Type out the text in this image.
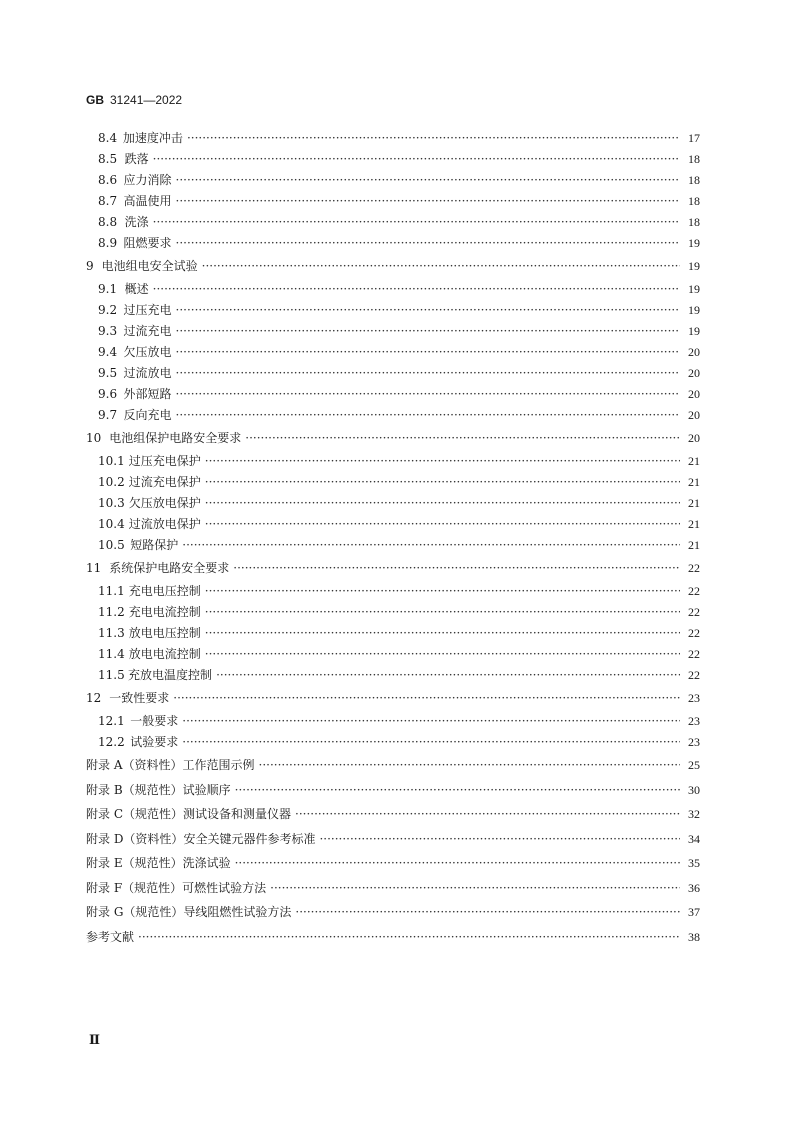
GB 31241—2022
8.4 加速度冲击 ·····	17
8.5 跌落 ·····	18
8.6 应力消除 ·····	18
8.7 高温使用 ·····	18
8.8 洗涤 ·····	18
8.9 阻燃要求 ·····	19
9 电池组电安全试验 ·····	19
9.1 概述 ·····	19
9.2 过压充电 ·····	19
9.3 过流充电 ·····	19
9.4 欠压放电 ·····	20
9.5 过流放电 ·····	20
9.6 外部短路 ·····	20
9.7 反向充电 ·····	20
10 电池组保护电路安全要求 ·····	20
10.1 过压充电保护 ·····	21
10.2 过流充电保护 ·····	21
10.3 欠压放电保护 ·····	21
10.4 过流放电保护 ·····	21
10.5 短路保护 ·····	21
11 系统保护电路安全要求 ·····	22
11.1 充电电压控制 ·····	22
11.2 充电电流控制 ·····	22
11.3 放电电压控制 ·····	22
11.4 放电电流控制 ·····	22
11.5 充放电温度控制 ·····	22
12 一致性要求 ·····	23
12.1 一般要求 ·····	23
12.2 试验要求 ·····	23
附录 A（资料性） 工作范围示例 ·····	25
附录 B（规范性） 试验顺序 ·····	30
附录 C（规范性） 测试设备和测量仪器 ·····	32
附录 D（资料性） 安全关键元器件参考标准 ·····	34
附录 E（规范性） 洗涤试验 ·····	35
附录 F（规范性） 可燃性试验方法 ·····	36
附录 G（规范性） 导线阻燃性试验方法 ·····	37
参考文献 ·····	38
Ⅱ
